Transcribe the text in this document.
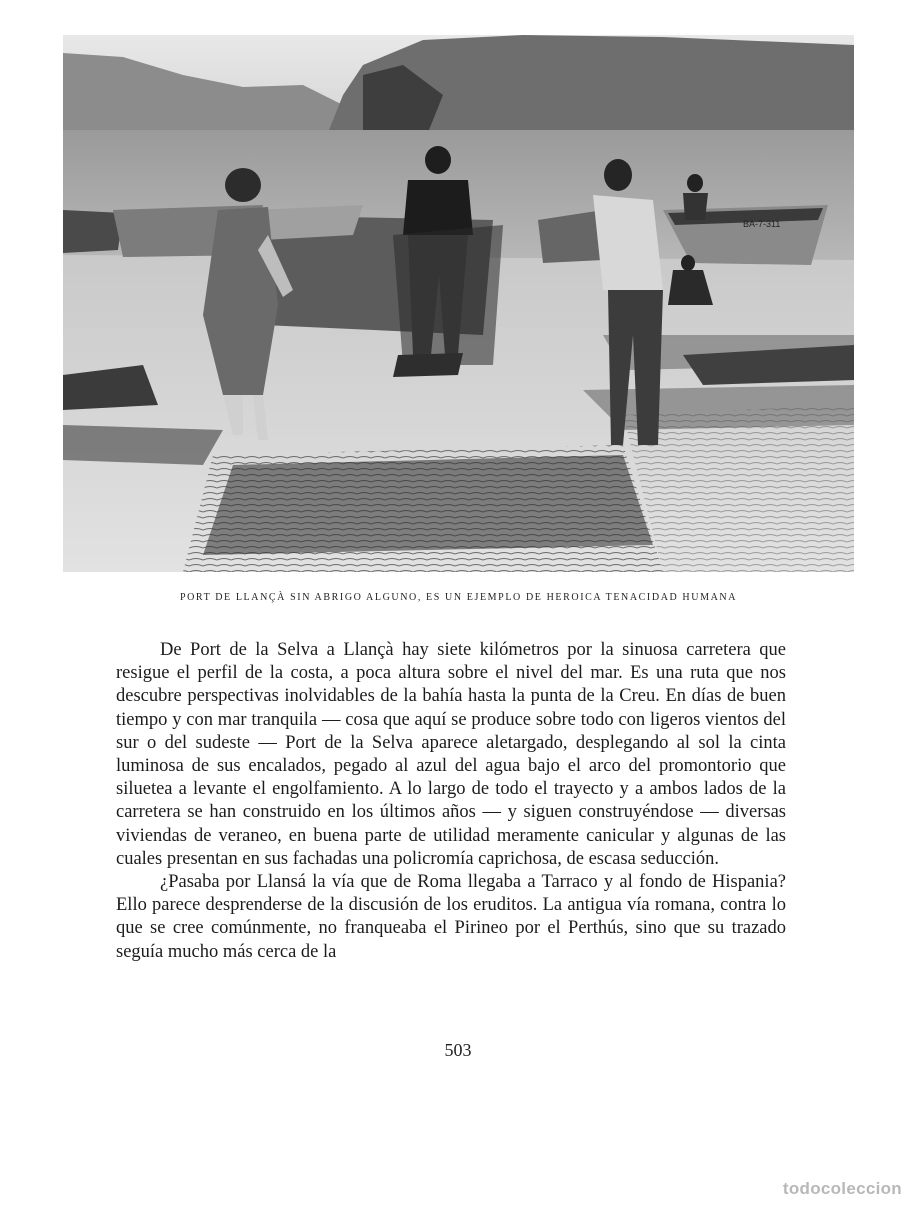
BA-7-311
PORT DE LLANÇÀ SIN ABRIGO ALGUNO, ES UN EJEMPLO DE HEROICA TENACIDAD HUMANA

De Port de la Selva a Llançà hay siete kilómetros por la sinuosa carretera que resigue el perfil de la costa, a poca altura sobre el nivel del mar. Es una ruta que nos descubre perspectivas inolvidables de la bahía hasta la punta de la Creu. En días de buen tiempo y con mar tranquila — cosa que aquí se produce sobre todo con ligeros vientos del sur o del sudeste — Port de la Selva aparece aletargado, desplegando al sol la cinta luminosa de sus encalados, pegado al azul del agua bajo el arco del promontorio que silueteа a levante el engolfamiento. A lo largo de todo el trayecto y a ambos lados de la carretera se han construido en los últimos años — y siguen construyéndose — diversas viviendas de veraneo, en buena parte de utilidad meramente canicular y algunas de las cuales presentan en sus fachadas una policromía caprichosa, de escasa seducción.

¿Pasaba por Llansá la vía que de Roma llegaba a Tarraco y al fondo de Hispania? Ello parece desprenderse de la discusión de los eruditos. La antigua vía romana, contra lo que se cree comúnmente, no franqueaba el Pirineo por el Perthús, sino que su trazado seguía mucho más cerca de la

503
todocoleccion
